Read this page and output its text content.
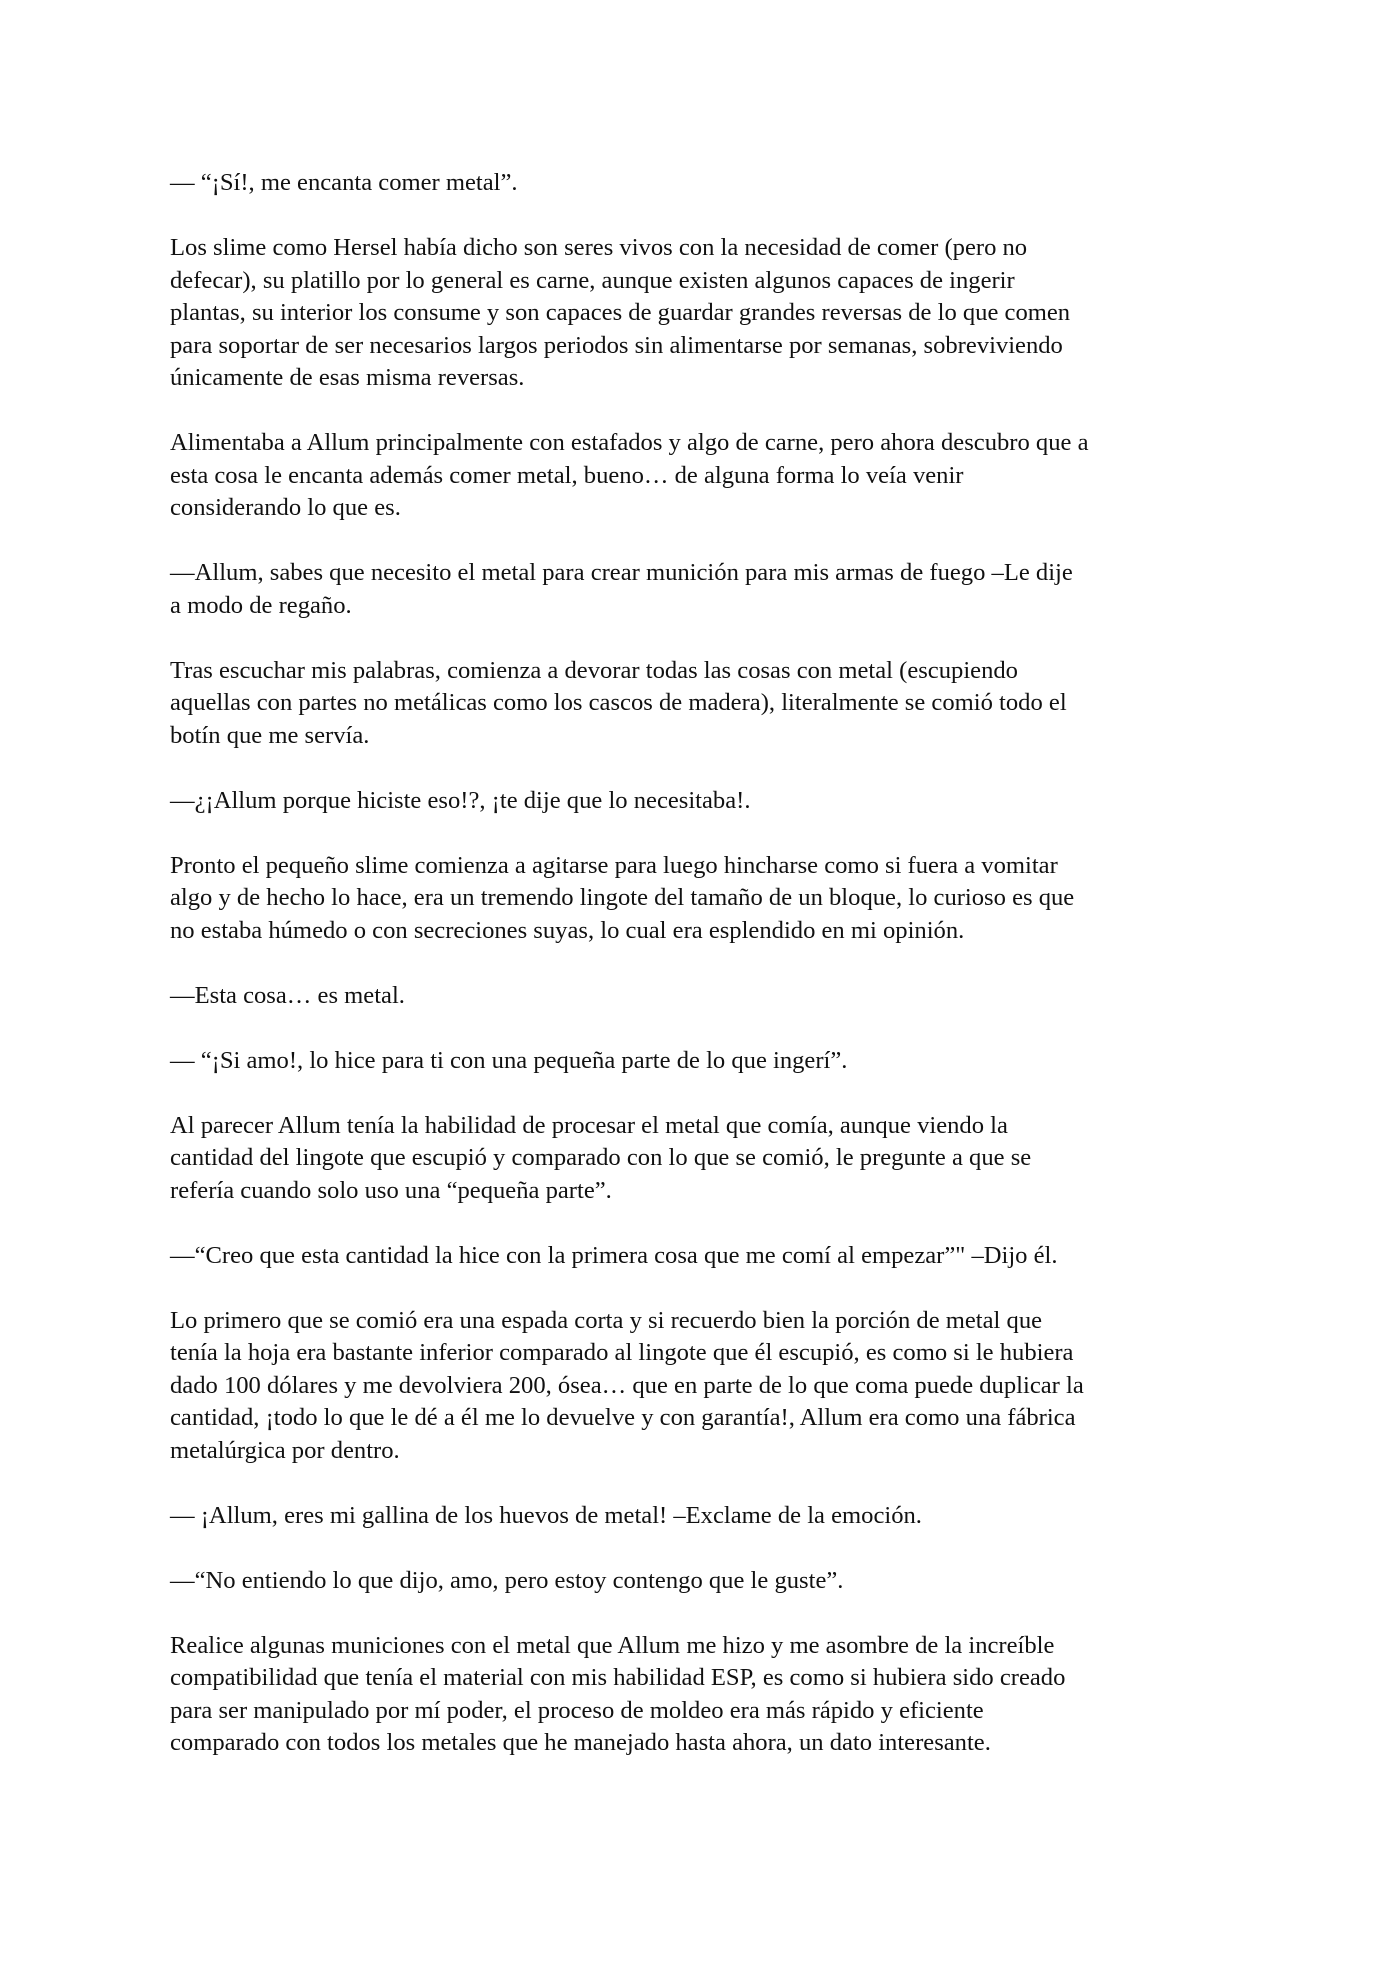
— “¡Sí!, me encanta comer metal”.

Los slime como Hersel había dicho son seres vivos con la necesidad de comer (pero no
defecar), su platillo por lo general es carne, aunque existen algunos capaces de ingerir
plantas, su interior los consume y son capaces de guardar grandes reversas de lo que comen
para soportar de ser necesarios largos periodos sin alimentarse por semanas, sobreviviendo
únicamente de esas misma reversas.

Alimentaba a Allum principalmente con estafados y algo de carne, pero ahora descubro que a
esta cosa le encanta además comer metal, bueno… de alguna forma lo veía venir
considerando lo que es.

—Allum, sabes que necesito el metal para crear munición para mis armas de fuego –Le dije
a modo de regaño.

Tras escuchar mis palabras, comienza a devorar todas las cosas con metal (escupiendo
aquellas con partes no metálicas como los cascos de madera), literalmente se comió todo el
botín que me servía.

—¿¡Allum porque hiciste eso!?, ¡te dije que lo necesitaba!.

Pronto el pequeño slime comienza a agitarse para luego hincharse como si fuera a vomitar
algo y de hecho lo hace, era un tremendo lingote del tamaño de un bloque, lo curioso es que
no estaba húmedo o con secreciones suyas, lo cual era esplendido en mi opinión.

—Esta cosa… es metal.

— “¡Si amo!, lo hice para ti con una pequeña parte de lo que ingerí”.

Al parecer Allum tenía la habilidad de procesar el metal que comía, aunque viendo la
cantidad del lingote que escupió y comparado con lo que se comió, le pregunte a que se
refería cuando solo uso una “pequeña parte”.

—“Creo que esta cantidad la hice con la primera cosa que me comí al empezar”" –Dijo él.

Lo primero que se comió era una espada corta y si recuerdo bien la porción de metal que
tenía la hoja era bastante inferior comparado al lingote que él escupió, es como si le hubiera
dado 100 dólares y me devolviera 200, ósea… que en parte de lo que coma puede duplicar la
cantidad, ¡todo lo que le dé a él me lo devuelve y con garantía!, Allum era como una fábrica
metalúrgica por dentro.

— ¡Allum, eres mi gallina de los huevos de metal! –Exclame de la emoción.

—“No entiendo lo que dijo, amo, pero estoy contengo que le guste”.

Realice algunas municiones con el metal que Allum me hizo y me asombre de la increíble
compatibilidad que tenía el material con mis habilidad ESP, es como si hubiera sido creado
para ser manipulado por mí poder, el proceso de moldeo era más rápido y eficiente
comparado con todos los metales que he manejado hasta ahora, un dato interesante.
